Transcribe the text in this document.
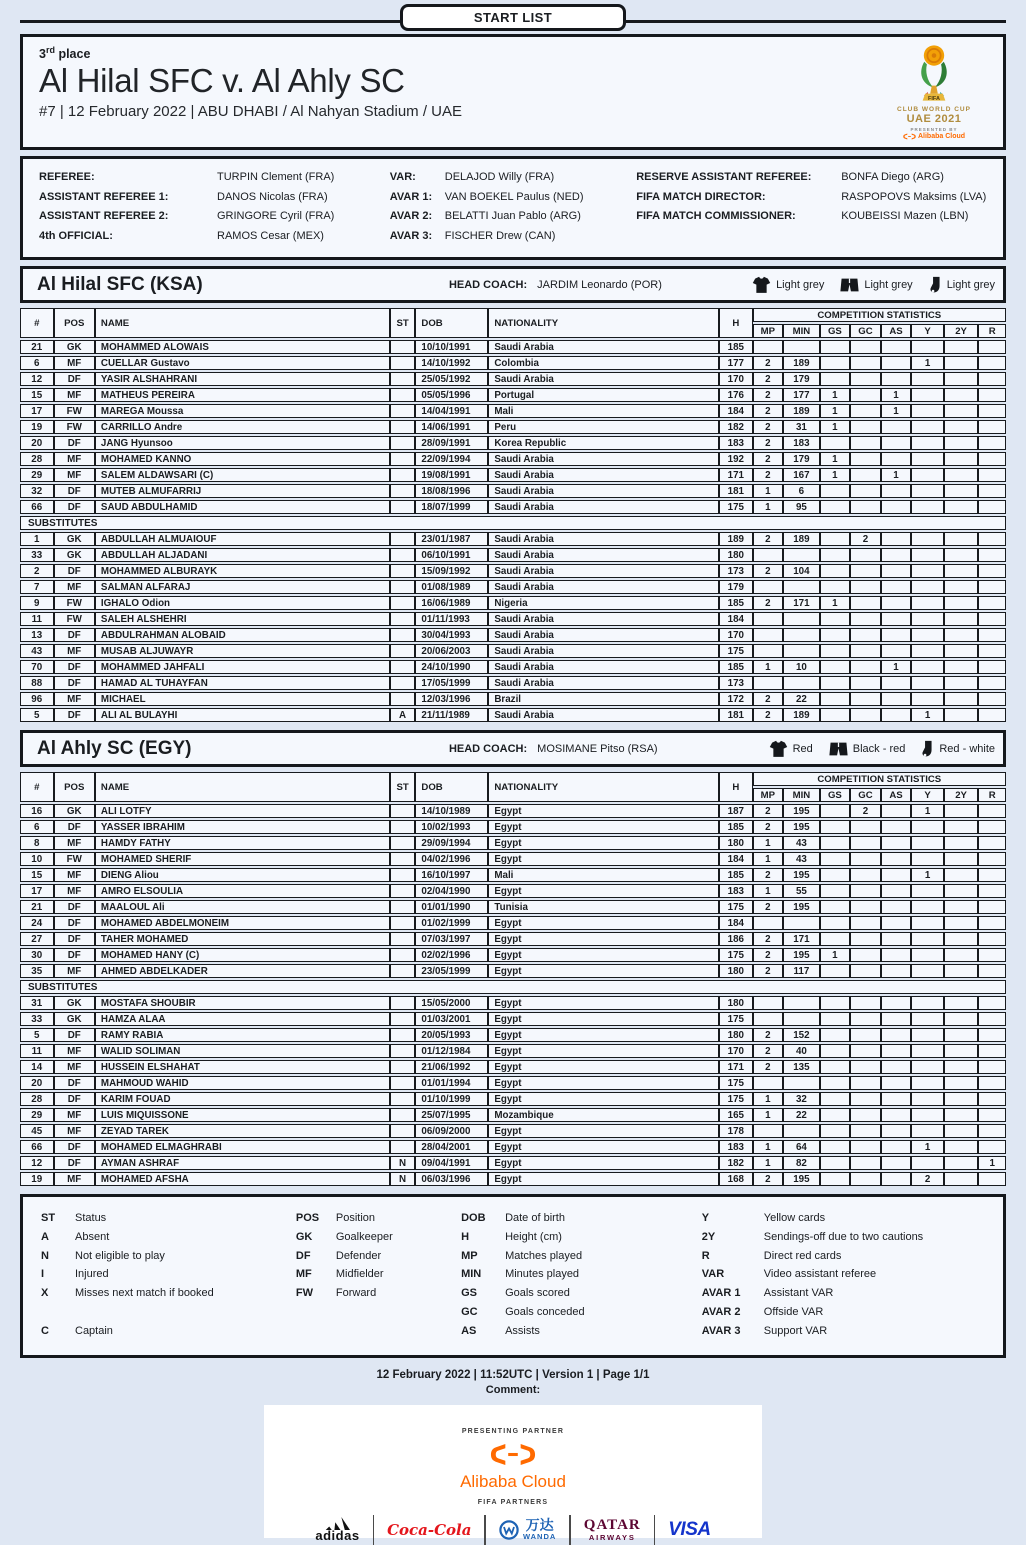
START LIST
3rd place
Al Hilal SFC v. Al Ahly SC
#7 | 12 February 2022 | ABU DHABI / Al Nahyan Stadium / UAE
FIFA
CLUB WORLD CUP
UAE 2021
PRESENTED BY
Alibaba Cloud
REFEREE:	TURPIN Clement (FRA)
ASSISTANT REFEREE 1:	DANOS Nicolas (FRA)
ASSISTANT REFEREE 2:	GRINGORE Cyril (FRA)
4th OFFICIAL:	RAMOS Cesar (MEX)
VAR:	DELAJOD Willy (FRA)
AVAR 1:	VAN BOEKEL Paulus (NED)
AVAR 2:	BELATTI Juan Pablo (ARG)
AVAR 3:	FISCHER Drew (CAN)
RESERVE ASSISTANT REFEREE:	BONFA Diego (ARG)
FIFA MATCH DIRECTOR:	RASPOPOVS Maksims (LVA)
FIFA MATCH COMMISSIONER:	KOUBEISSI Mazen (LBN)
Al Hilal SFC (KSA)	HEAD COACH: JARDIM Leonardo (POR)	Light grey	Light grey	Light grey
#	POS	NAME	ST	DOB	NATIONALITY	H	COMPETITION STATISTICS							
							MP	MIN	GS	GC	AS	Y	2Y	R
21	GK	MOHAMMED ALOWAIS		10/10/1991	Saudi Arabia	185								
6	MF	CUELLAR Gustavo		14/10/1992	Colombia	177	2	189				1		
12	DF	YASIR ALSHAHRANI		25/05/1992	Saudi Arabia	170	2	179						
15	MF	MATHEUS PEREIRA		05/05/1996	Portugal	176	2	177	1		1			
17	FW	MAREGA Moussa		14/04/1991	Mali	184	2	189	1		1			
19	FW	CARRILLO Andre		14/06/1991	Peru	182	2	31	1					
20	DF	JANG Hyunsoo		28/09/1991	Korea Republic	183	2	183						
28	MF	MOHAMED KANNO		22/09/1994	Saudi Arabia	192	2	179	1					
29	MF	SALEM ALDAWSARI (C)		19/08/1991	Saudi Arabia	171	2	167	1		1			
32	DF	MUTEB ALMUFARRIJ		18/08/1996	Saudi Arabia	181	1	6						
66	DF	SAUD ABDULHAMID		18/07/1999	Saudi Arabia	175	1	95						
SUBSTITUTES														
1	GK	ABDULLAH ALMUAIOUF		23/01/1987	Saudi Arabia	189	2	189		2				
33	GK	ABDULLAH ALJADANI		06/10/1991	Saudi Arabia	180								
2	DF	MOHAMMED ALBURAYK		15/09/1992	Saudi Arabia	173	2	104						
7	MF	SALMAN ALFARAJ		01/08/1989	Saudi Arabia	179								
9	FW	IGHALO Odion		16/06/1989	Nigeria	185	2	171	1					
11	FW	SALEH ALSHEHRI		01/11/1993	Saudi Arabia	184								
13	DF	ABDULRAHMAN ALOBAID		30/04/1993	Saudi Arabia	170								
43	MF	MUSAB ALJUWAYR		20/06/2003	Saudi Arabia	175								
70	DF	MOHAMMED JAHFALI		24/10/1990	Saudi Arabia	185	1	10			1			
88	DF	HAMAD AL TUHAYFAN		17/05/1999	Saudi Arabia	173								
96	MF	MICHAEL		12/03/1996	Brazil	172	2	22						
5	DF	ALI AL BULAYHI	A	21/11/1989	Saudi Arabia	181	2	189				1		
Al Ahly SC (EGY)	HEAD COACH: MOSIMANE Pitso (RSA)	Red	Black - red	Red - white
#	POS	NAME	ST	DOB	NATIONALITY	H	COMPETITION STATISTICS							
							MP	MIN	GS	GC	AS	Y	2Y	R
16	GK	ALI LOTFY		14/10/1989	Egypt	187	2	195		2		1		
6	DF	YASSER IBRAHIM		10/02/1993	Egypt	185	2	195						
8	MF	HAMDY FATHY		29/09/1994	Egypt	180	1	43						
10	FW	MOHAMED SHERIF		04/02/1996	Egypt	184	1	43						
15	MF	DIENG Aliou		16/10/1997	Mali	185	2	195				1		
17	MF	AMRO ELSOULIA		02/04/1990	Egypt	183	1	55						
21	DF	MAALOUL Ali		01/01/1990	Tunisia	175	2	195						
24	DF	MOHAMED ABDELMONEIM		01/02/1999	Egypt	184								
27	DF	TAHER MOHAMED		07/03/1997	Egypt	186	2	171						
30	DF	MOHAMED HANY (C)		02/02/1996	Egypt	175	2	195	1					
35	MF	AHMED ABDELKADER		23/05/1999	Egypt	180	2	117						
SUBSTITUTES														
31	GK	MOSTAFA SHOUBIR		15/05/2000	Egypt	180								
33	GK	HAMZA ALAA		01/03/2001	Egypt	175								
5	DF	RAMY RABIA		20/05/1993	Egypt	180	2	152						
11	MF	WALID SOLIMAN		01/12/1984	Egypt	170	2	40						
14	MF	HUSSEIN ELSHAHAT		21/06/1992	Egypt	171	2	135						
20	DF	MAHMOUD WAHID		01/01/1994	Egypt	175								
28	DF	KARIM FOUAD		01/10/1999	Egypt	175	1	32						
29	MF	LUIS MIQUISSONE		25/07/1995	Mozambique	165	1	22						
45	MF	ZEYAD TAREK		06/09/2000	Egypt	178								
66	DF	MOHAMED ELMAGHRABI		28/04/2001	Egypt	183	1	64				1		
12	DF	AYMAN ASHRAF	N	09/04/1991	Egypt	182	1	82						1
19	MF	MOHAMED AFSHA	N	06/03/1996	Egypt	168	2	195				2		
ST	Status
A	Absent
N	Not eligible to play
I	Injured
X	Misses next match if booked
C	Captain
POS	Position
GK	Goalkeeper
DF	Defender
MF	Midfielder
FW	Forward
DOB	Date of birth
H	Height (cm)
MP	Matches played
MIN	Minutes played
GS	Goals scored
GC	Goals conceded
AS	Assists
Y	Yellow cards
2Y	Sendings-off due to two cautions
R	Direct red cards
VAR	Video assistant referee
AVAR 1	Assistant VAR
AVAR 2	Offside VAR
AVAR 3	Support VAR
12 February 2022 | 11:52UTC | Version 1 | Page 1/1
Comment:
PRESENTING PARTNER
Alibaba Cloud
FIFA PARTNERS
adidas Coca-Cola	万达
WANDA
QATAR
AIRWAYS VISA
